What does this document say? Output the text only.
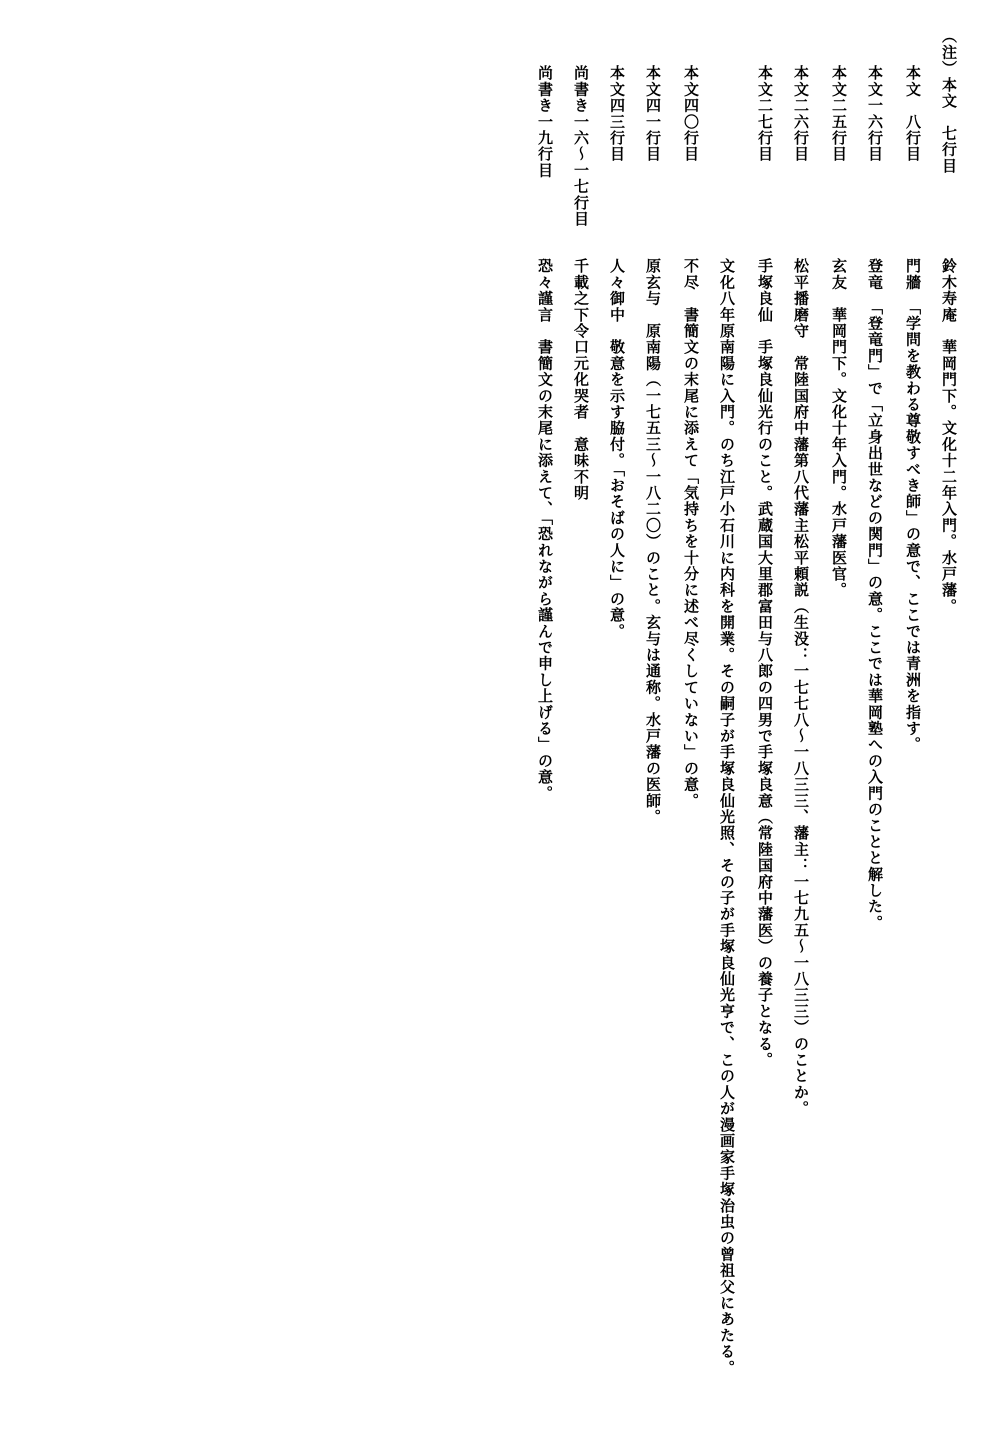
（注）本文　七行目
本文　八行目
鈴木寿庵　華岡門下。文化十二年入門。水戸藩。
本文一六行目
門牆　「学問を教わる尊敬すべき師」の意で、ここでは青洲を指す。
本文二五行目
登竜　「登竜門」で「立身出世などの関門」の意。ここでは華岡塾への入門のことと解した。
本文二六行目
玄友　華岡門下。文化十年入門。水戸藩医官。
本文二七行目
松平播磨守　常陸国府中藩第八代藩主松平頼説（生没：一七七八～一八三三、藩主：一七九五～一八三三）のことか。
手塚良仙　手塚良仙光行のこと。武蔵国大里郡富田与八郎の四男で手塚良意（常陸国府中藩医）の養子となる。
本文四〇行目
文化八年原南陽に入門。のち江戸小石川に内科を開業。その嗣子が手塚良仙光照、その子が手塚良仙光亨で、この人が漫画家手塚治虫の曾祖父にあたる。
本文四一行目
不尽　書簡文の末尾に添えて「気持ちを十分に述べ尽くしていない」の意。
本文四三行目
原玄与　原南陽（一七五三～一八二〇）のこと。玄与は通称。水戸藩の医師。
尚書き一六～一七行目
人々御中　敬意を示す脇付。「おそばの人に」の意。
尚書き一九行目
千載之下令口元化哭者　意味不明
恐々謹言　書簡文の末尾に添えて、「恐れながら謹んで申し上げる」の意。
